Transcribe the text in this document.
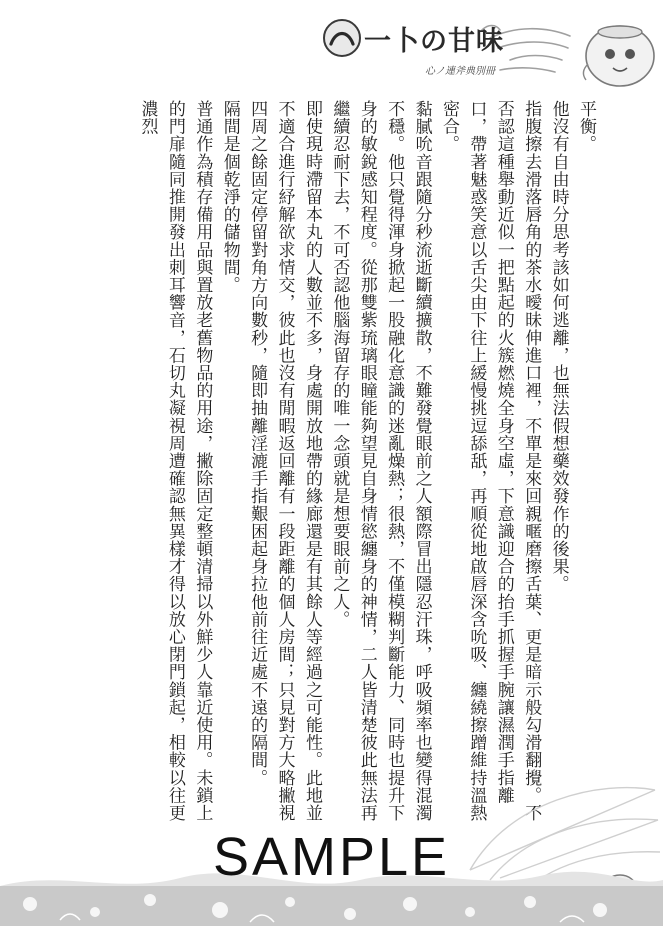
一卜の甘味
心ノ連斧典別冊

平衡。

他沒有自由時分思考該如何逃離，也無法假想藥效發作的後果。

指腹擦去滑落唇角的茶水曖昧伸進口裡，不單是來回親暱磨擦舌葉、更是暗示般勾滑翻攪。不否認這種舉動近似一把點起的火簇燃燒全身空虛，下意識迎合的抬手抓握手腕讓濕潤手指離口，帶著魅惑笑意以舌尖由下往上緩慢挑逗舔舐，再順從地啟唇深含吮吸、纏繞擦蹭維持溫熱密合。

黏膩吮音跟隨分秒流逝斷續擴散，不難發覺眼前之人額際冒出隱忍汗珠，呼吸頻率也變得混濁不穩。他只覺得渾身掀起一股融化意識的迷亂燥熱；很熱，不僅模糊判斷能力、同時也提升下身的敏銳感知程度。從那雙紫琉璃眼瞳能夠望見自身情慾纏身的神情，二人皆清楚彼此無法再繼續忍耐下去，不可否認他腦海留存的唯一念頭就是想要眼前之人。

即使現時滯留本丸的人數並不多，身處開放地帶的緣廊還是有其餘人等經過之可能性。此地並不適合進行紓解欲求情交，彼此也沒有閒暇返回離有一段距離的個人房間；只見對方大略撇視四周之餘固定停留對角方向數秒，隨即抽離淫漉手指艱困起身拉他前往近處不遠的隔間。

隔間是個乾淨的儲物間。

普通作為積存備用品與置放老舊物品的用途，撇除固定整頓清掃以外鮮少人靠近使用。未鎖上的門扉隨同推開發出刺耳響音，石切丸凝視周遭確認無異樣才得以放心閉門鎖起，相較以往更濃烈

SAMPLE
